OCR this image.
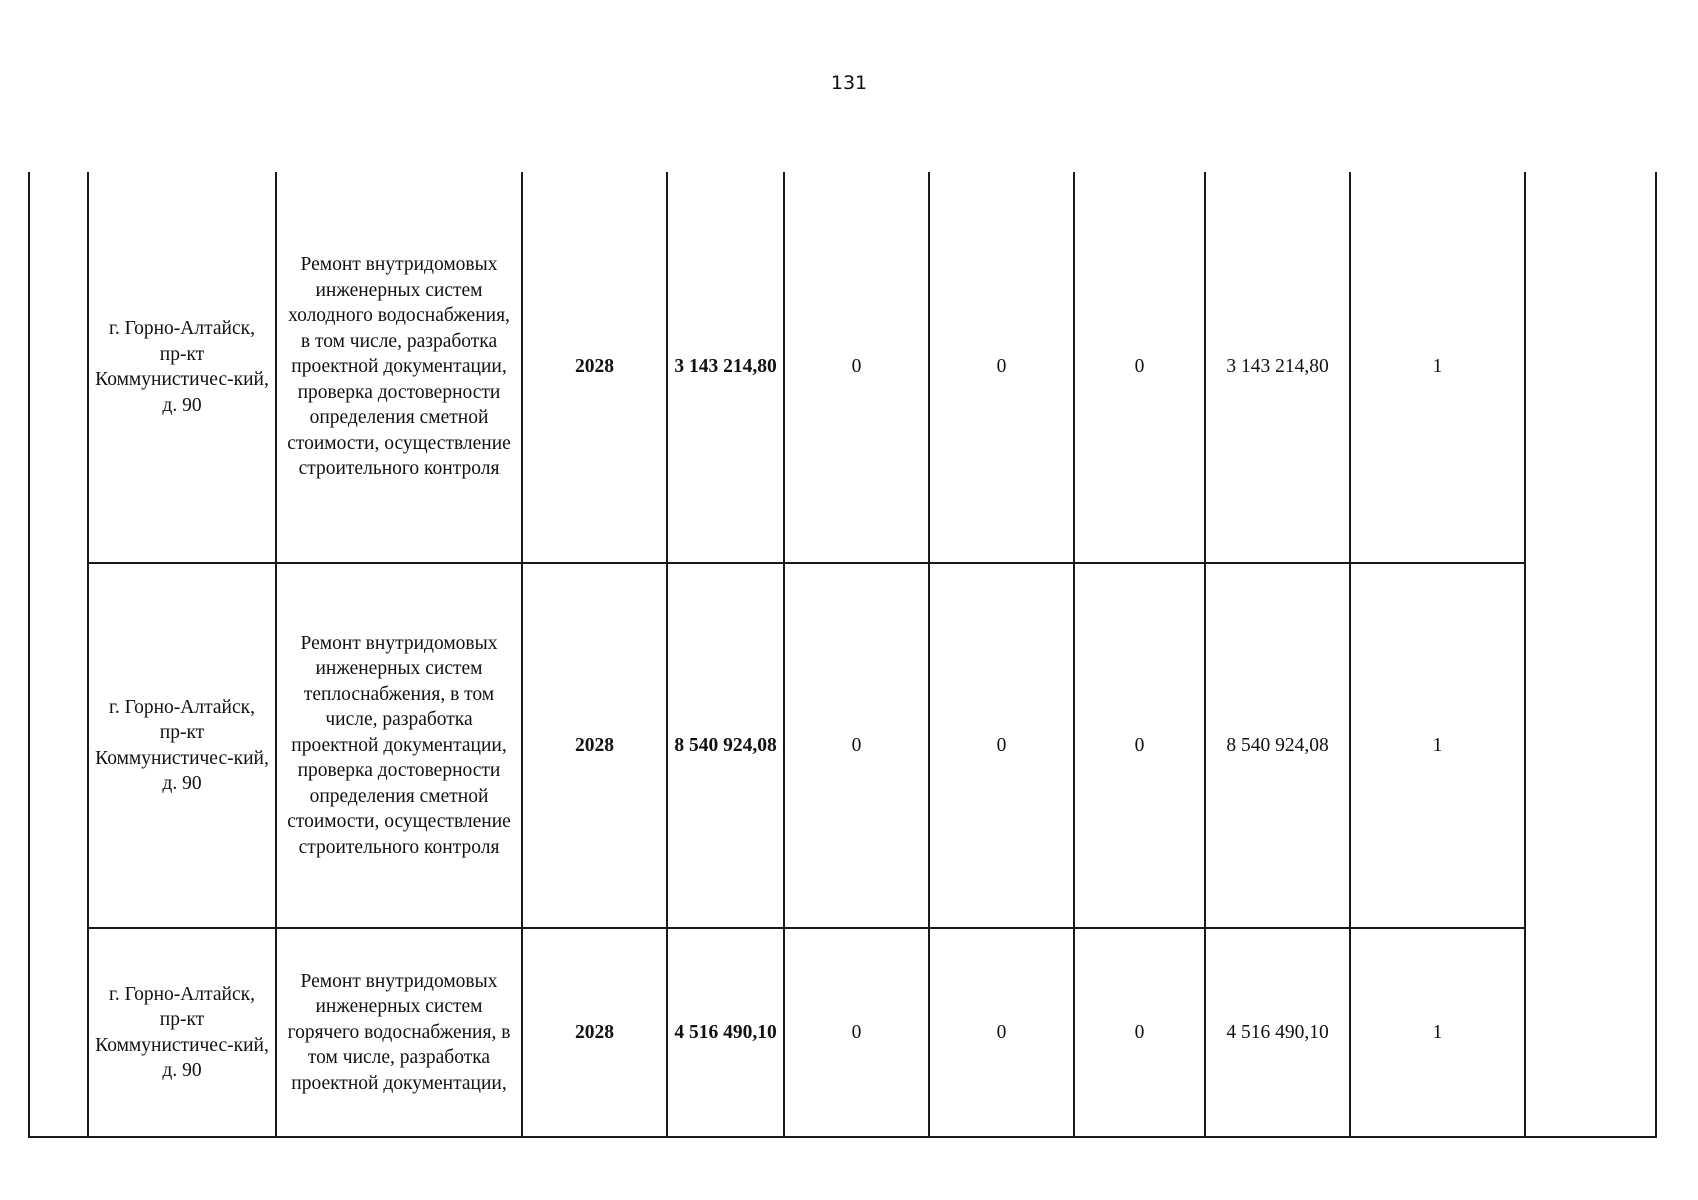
131
	г. Горно-Алтайск, пр-кт Коммунистичес-кий, д. 90	Ремонт внутридомовых инженерных систем холодного водоснабжения, в том числе, разработка проектной документации, проверка достоверности определения сметной стоимости, осуществление строительного контроля	2028	3 143 214,80	0	0	0	3 143 214,80	1	
	г. Горно-Алтайск, пр-кт Коммунистичес-кий, д. 90	Ремонт внутридомовых инженерных систем теплоснабжения, в том числе, разработка проектной документации, проверка достоверности определения сметной стоимости, осуществление строительного контроля	2028	8 540 924,08	0	0	0	8 540 924,08	1	
	г. Горно-Алтайск, пр-кт Коммунистичес-кий, д. 90	Ремонт внутридомовых инженерных систем горячего водоснабжения, в том числе, разработка проектной документации,	2028	4 516 490,10	0	0	0	4 516 490,10	1	
